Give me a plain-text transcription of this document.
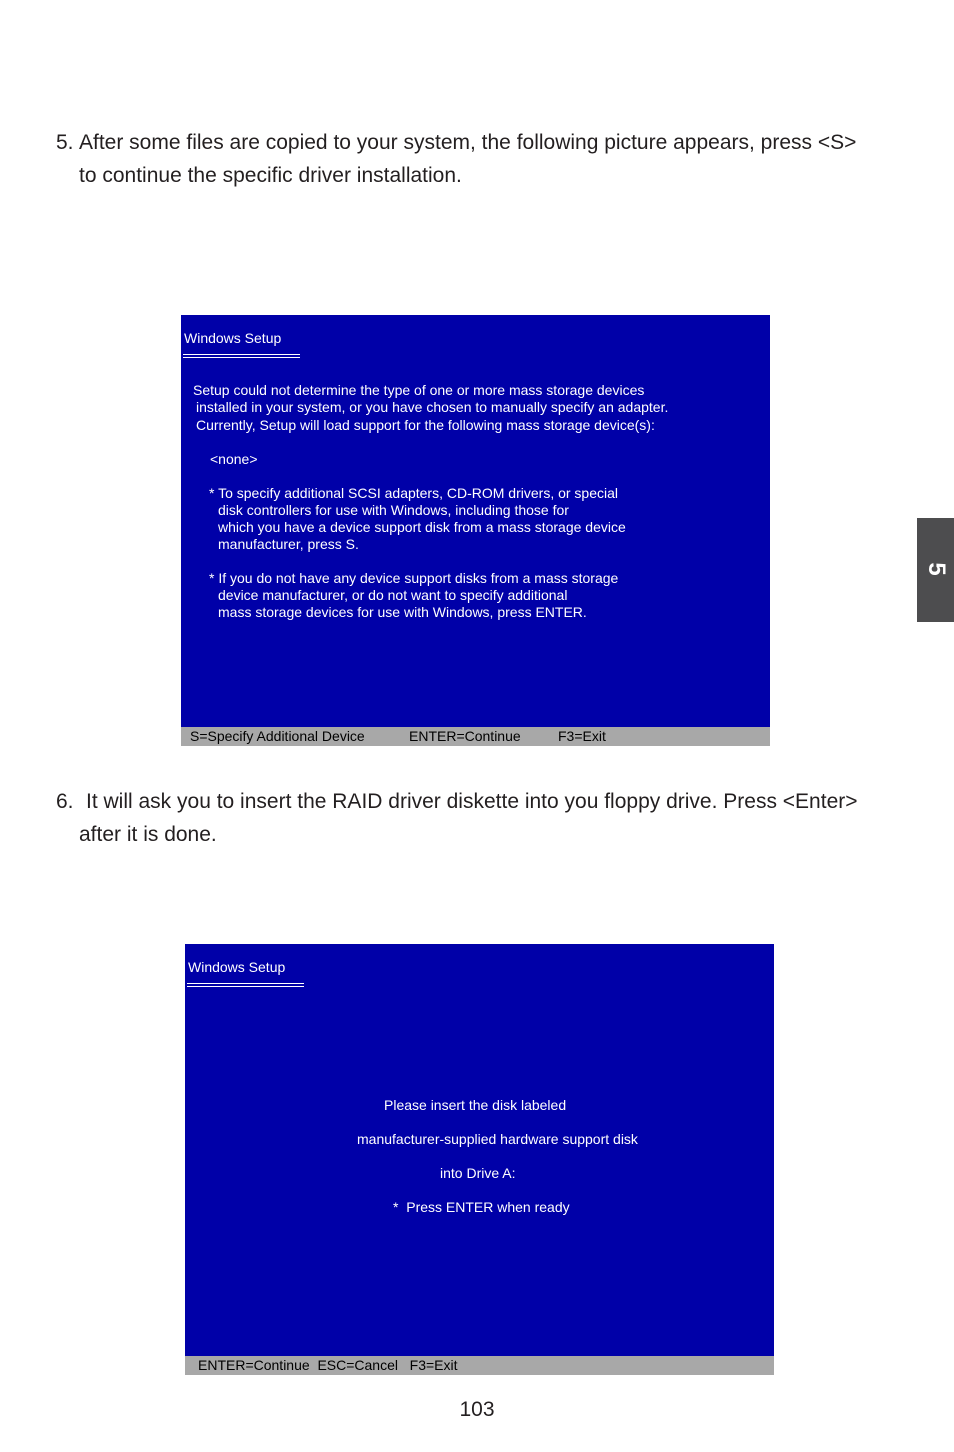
5. After some files are copied to your system, the following picture appears, press <S>
to continue the specific driver installation.
Windows Setup
Setup could not determine the type of one or more mass storage devices
installed in your system, or you have chosen to manually specify an adapter.
Currently, Setup will load support for the following mass storage device(s):
<none>
* To specify additional SCSI adapters, CD-ROM drivers, or special
disk controllers for use with Windows, including those for
which you have a device support disk from a mass storage device
manufacturer, press S.
* If you do not have any device support disks from a mass storage
device manufacturer, or do not want to specify additional
mass storage devices for use with Windows, press ENTER.

S=Specify Additional Device

	ENTER=Continue

	F3=Exit

6. It will ask you to insert the RAID driver diskette into you floppy drive. Press <Enter>
after it is done.
Windows Setup
Please insert the disk labeled
manufacturer-supplied hardware support disk
into Drive A:
*  Press ENTER when ready
ENTER=Continue  ESC=Cancel   F3=Exit
5
103
